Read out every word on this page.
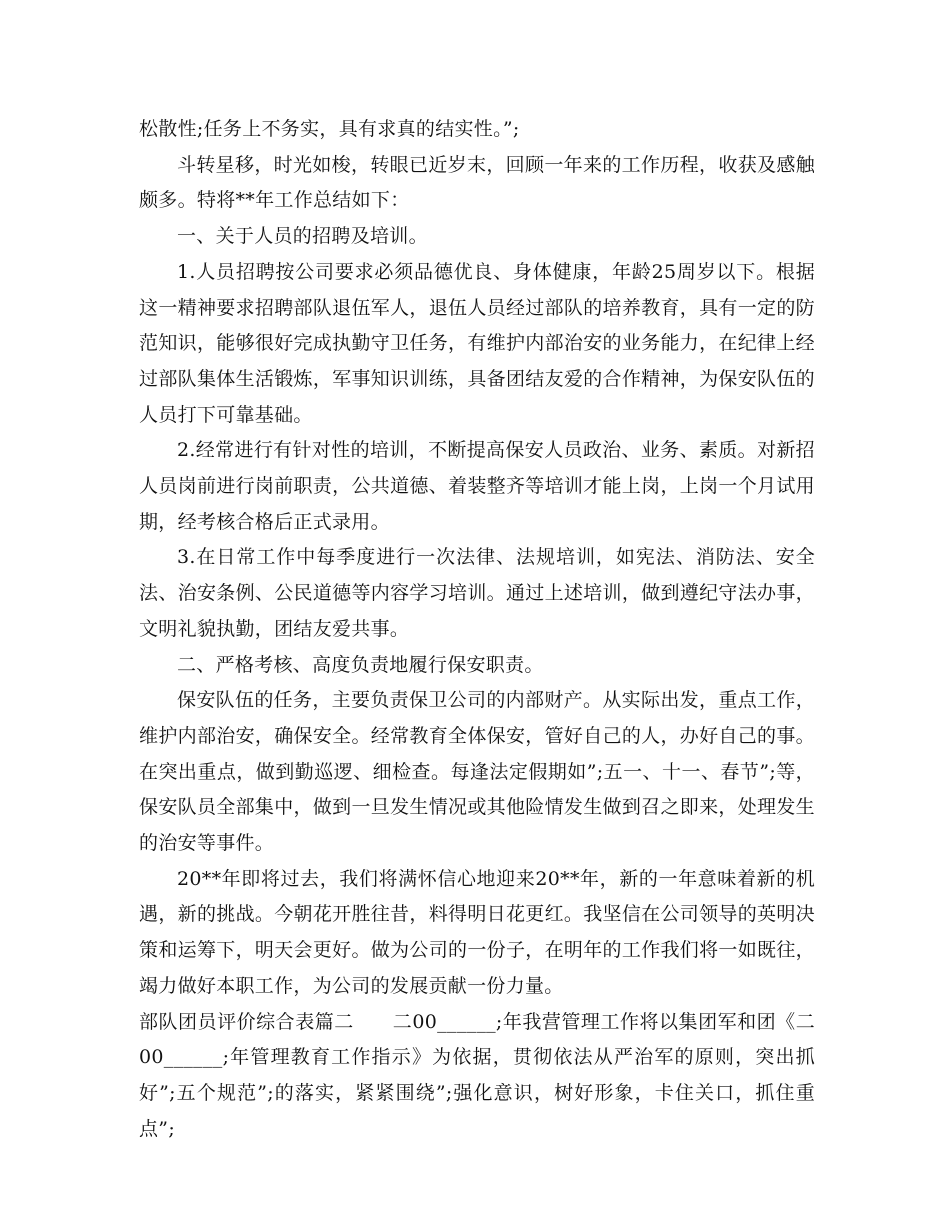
松散性;任务上不务实，具有求真的结实性。”;

斗转星移，时光如梭，转眼已近岁末，回顾一年来的工作历程，收获及感触颇多。特将**年工作总结如下：

一、关于人员的招聘及培训。

1.人员招聘按公司要求必须品德优良、身体健康，年龄25周岁以下。根据这一精神要求招聘部队退伍军人，退伍人员经过部队的培养教育，具有一定的防范知识，能够很好完成执勤守卫任务，有维护内部治安的业务能力，在纪律上经过部队集体生活锻炼，军事知识训练，具备团结友爱的合作精神，为保安队伍的人员打下可靠基础。

2.经常进行有针对性的培训，不断提高保安人员政治、业务、素质。对新招人员岗前进行岗前职责，公共道德、着装整齐等培训才能上岗，上岗一个月试用期，经考核合格后正式录用。

3.在日常工作中每季度进行一次法律、法规培训，如宪法、消防法、安全法、治安条例、公民道德等内容学习培训。通过上述培训，做到遵纪守法办事，文明礼貌执勤，团结友爱共事。

二、严格考核、高度负责地履行保安职责。

保安队伍的任务，主要负责保卫公司的内部财产。从实际出发，重点工作，维护内部治安，确保安全。经常教育全体保安，管好自己的人，办好自己的事。在突出重点，做到勤巡逻、细检查。每逢法定假期如”;五一、十一、春节”;等，保安队员全部集中，做到一旦发生情况或其他险情发生做到召之即来，处理发生的治安等事件。

20**年即将过去，我们将满怀信心地迎来20**年，新的一年意味着新的机遇，新的挑战。今朝花开胜往昔，料得明日花更红。我坚信在公司领导的英明决策和运筹下，明天会更好。做为公司的一份子，在明年的工作我们将一如既往，竭力做好本职工作，为公司的发展贡献一份力量。

部队团员评价综合表篇二　　二00______;年我营管理工作将以集团军和团《二00______;年管理教育工作指示》为依据，贯彻依法从严治军的原则，突出抓好”;五个规范”;的落实，紧紧围绕”;强化意识，树好形象，卡住关口，抓住重点”;
